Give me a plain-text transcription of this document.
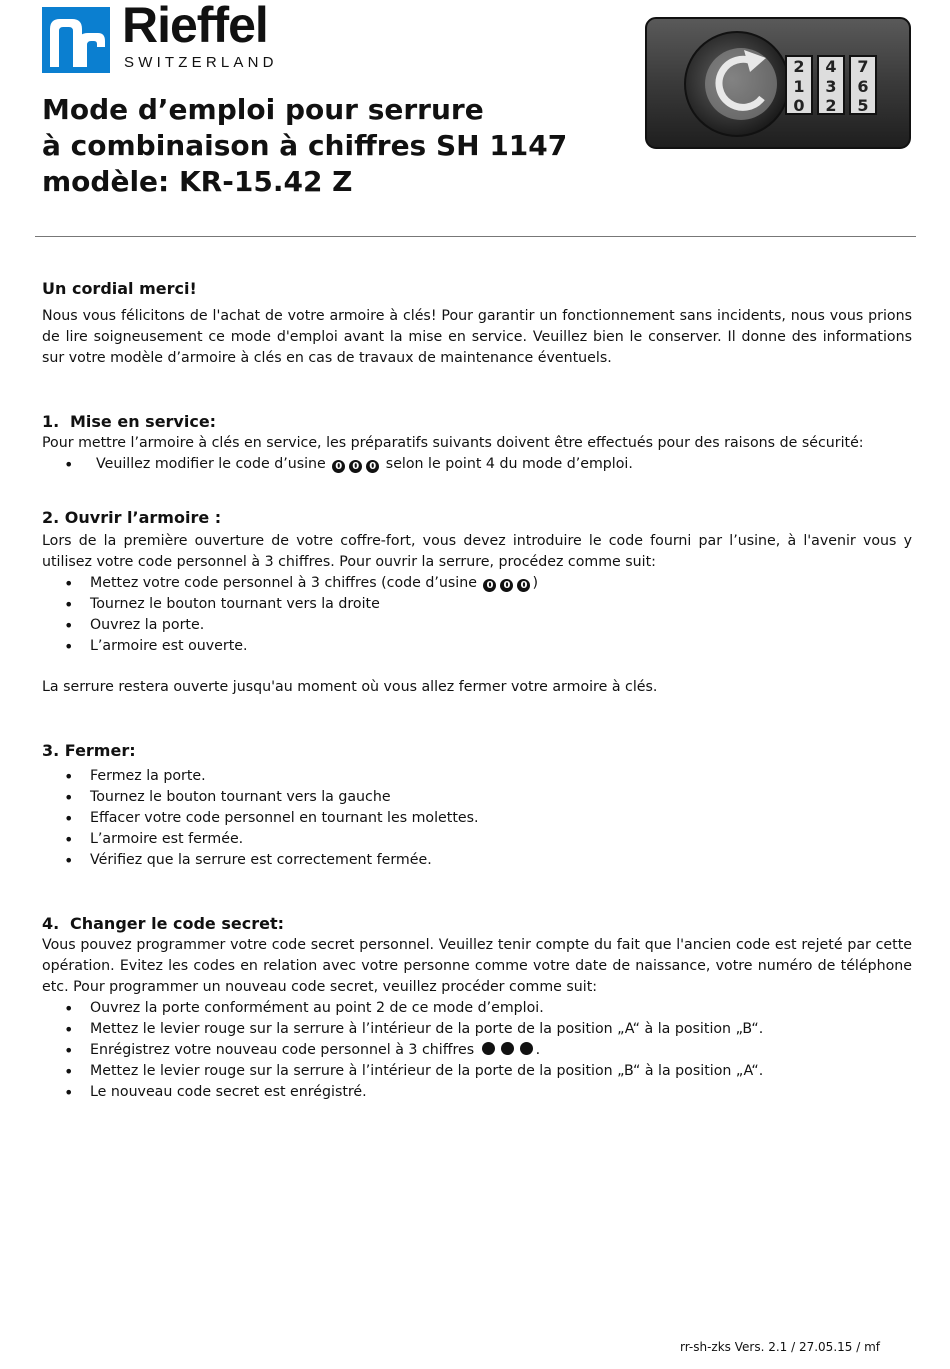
Rieffel
SWITZERLAND	2 4 7
1 3 6
0 2 5
Mode d’emploi pour serrure
à combinaison à chiffres SH 1147
modèle: KR-15.42 Z
Un cordial merci!

Nous vous félicitons de l'achat de votre armoire à clés! Pour garantir un fonctionnement sans incidents, nous vous prions de lire soigneusement ce mode d'emploi avant la mise en service. Veuillez bien le conserver. Il donne des informations sur votre modèle d’armoire à clés en cas de travaux de maintenance éventuels.

1. Mise en service:

Pour mettre l’armoire à clés en service, les préparatifs suivants doivent être effectués pour des raisons de sécurité:

• Veuillez modifier le code d’usine 0 0 0 selon le point 4 du mode d’emploi.
2. Ouvrir l’armoire :

Lors de la première ouverture de votre coffre-fort, vous devez introduire le code fourni par l’usine, à l'avenir vous y utilisez votre code personnel à 3 chiffres. Pour ouvrir la serrure, procédez comme suit:

• Mettez votre code personnel à 3 chiffres (code d’usine 0 0 0 )
• Tournez le bouton tournant vers la droite
• Ouvrez la porte.
• L’armoire est ouverte.

La serrure restera ouverte jusqu'au moment où vous allez fermer votre armoire à clés.

3. Fermer:
• Fermez la porte.
• Tournez le bouton tournant vers la gauche
• Effacer votre code personnel en tournant les molettes.
• L’armoire est fermée.
• Vérifiez que la serrure est correctement fermée.
4. Changer le code secret:

Vous pouvez programmer votre code secret personnel. Veuillez tenir compte du fait que l'ancien code est rejeté par cette opération. Evitez les codes en relation avec votre personne comme votre date de naissance, votre numéro de téléphone etc. Pour programmer un nouveau code secret, veuillez procéder comme suit:

• Ouvrez la porte conformément au point 2 de ce mode d’emploi.
• Mettez le levier rouge sur la serrure à l’intérieur de la porte de la position „A“ à la position „B“.
• Enrégistrez votre nouveau code personnel à 3 chiffres	.
• Mettez le levier rouge sur la serrure à l’intérieur de la porte de la position „B“ à la position „A“.
• Le nouveau code secret est enrégistré.
rr-sh-zks Vers. 2.1 / 27.05.15 / mf
